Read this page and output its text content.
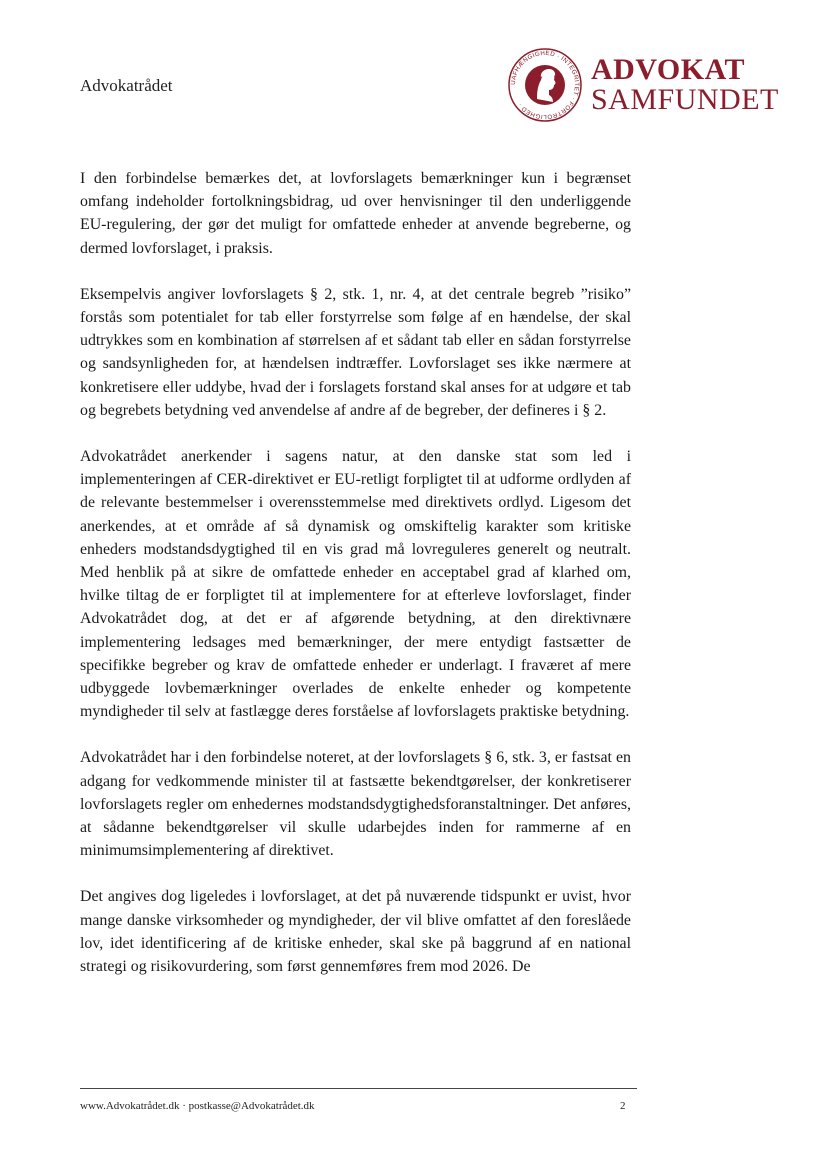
Advokatrådet	UAFHÆNGIGHED · INTEGRITET · FORTROLIGHED ·
ADVOKAT
SAMFUNDET

I den forbindelse bemærkes det, at lovforslagets bemærkninger kun i begrænset omfang indeholder fortolkningsbidrag, ud over henvisninger til den underliggende EU-regulering, der gør det muligt for omfattede enheder at anvende begreberne, og dermed lovforslaget, i praksis.

Eksempelvis angiver lovforslagets § 2, stk. 1, nr. 4, at det centrale begreb ”risiko” forstås som potentialet for tab eller forstyrrelse som følge af en hændelse, der skal udtrykkes som en kombination af størrelsen af et sådant tab eller en sådan forstyrrelse og sandsynligheden for, at hændelsen indtræffer. Lovforslaget ses ikke nærmere at konkretisere eller uddybe, hvad der i forslagets forstand skal anses for at udgøre et tab og begrebets betydning ved anvendelse af andre af de begreber, der defineres i § 2.

Advokatrådet anerkender i sagens natur, at den danske stat som led i implementeringen af CER-direktivet er EU-retligt forpligtet til at udforme ordlyden af de relevante bestemmelser i overensstemmelse med direktivets ordlyd. Ligesom det anerkendes, at et område af så dynamisk og omskiftelig karakter som kritiske enheders modstandsdygtighed til en vis grad må lovreguleres generelt og neutralt. Med henblik på at sikre de omfattede enheder en acceptabel grad af klarhed om, hvilke tiltag de er forpligtet til at implementere for at efterleve lovforslaget, finder Advokatrådet dog, at det er af afgørende betydning, at den direktivnære implementering ledsages med bemærkninger, der mere entydigt fastsætter de specifikke begreber og krav de omfattede enheder er underlagt. I fraværet af mere udbyggede lovbemærkninger overlades de enkelte enheder og kompetente myndigheder til selv at fastlægge deres forståelse af lovforslagets praktiske betydning.

Advokatrådet har i den forbindelse noteret, at der lovforslagets § 6, stk. 3, er fastsat en adgang for vedkommende minister til at fastsætte bekendtgørelser, der konkretiserer lovforslagets regler om enhedernes modstandsdygtighedsforanstaltninger. Det anføres, at sådanne bekendtgørelser vil skulle udarbejdes inden for rammerne af en minimumsimplementering af direktivet.

Det angives dog ligeledes i lovforslaget, at det på nuværende tidspunkt er uvist, hvor mange danske virksomheder og myndigheder, der vil blive omfattet af den foreslåede lov, idet identificering af de kritiske enheder, skal ske på baggrund af en national strategi og risikovurdering, som først gennemføres frem mod 2026. De

www.Advokatrådet.dk · postkasse@Advokatrådet.dk	2
